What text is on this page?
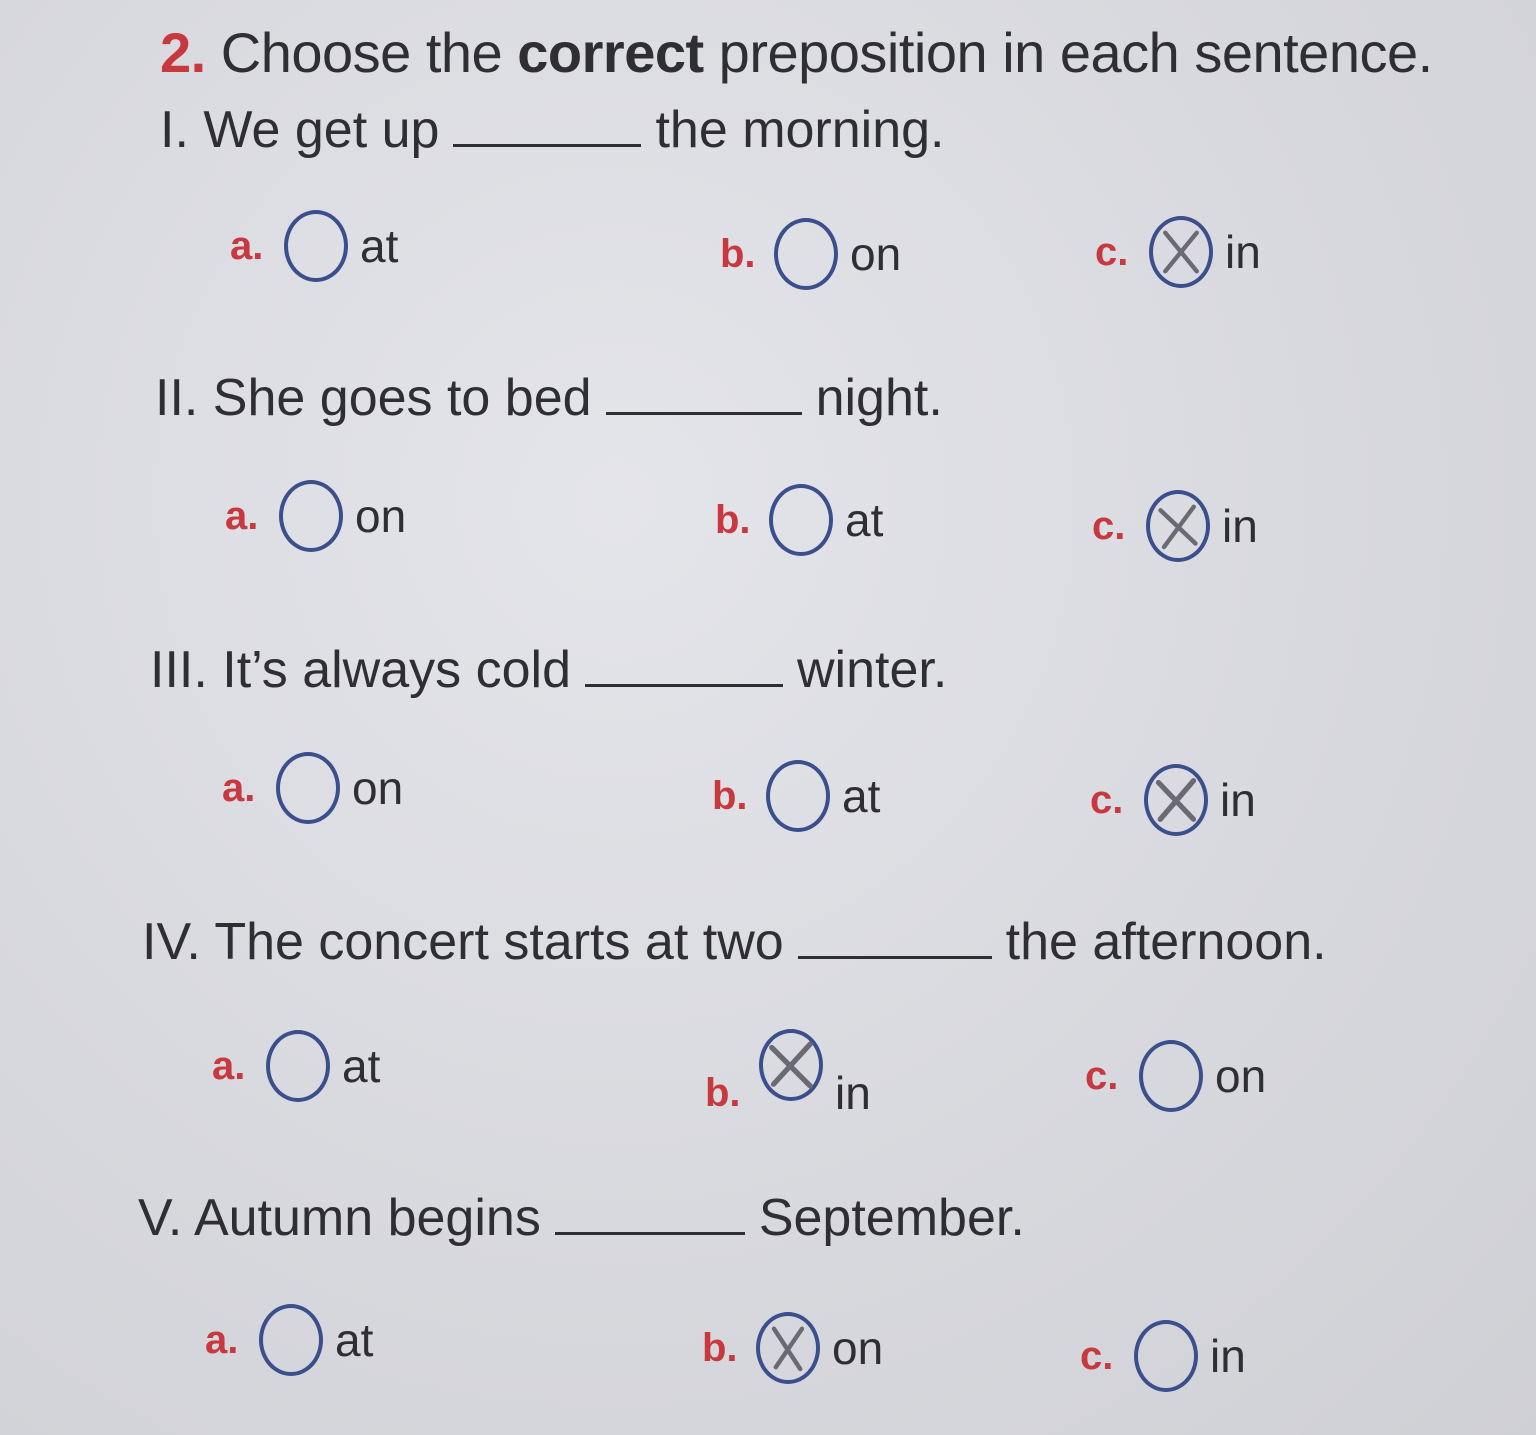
2. Choose the correct preposition in each sentence.
I. We get up	the morning.
a.	at	b.	on	c.	in
II. She goes to bed	night.
a.	on	b.	at	c.	in
III. It’s always cold	winter.
a.	on	b.	at	c.	in
IV. The concert starts at two	the afternoon.
a.	at
b.	in	c.	on
V. Autumn begins	September.
a.	at	b.	on	c.	in
